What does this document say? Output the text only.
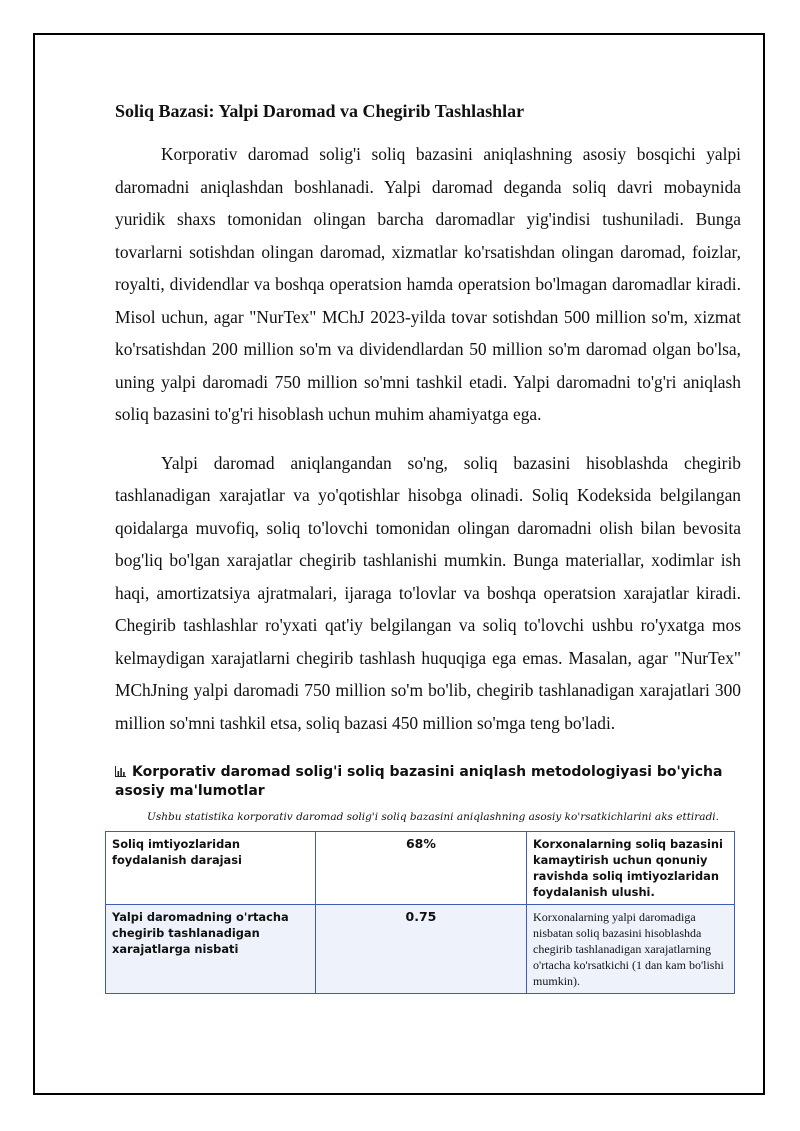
Soliq Bazasi: Yalpi Daromad va Chegirib Tashlashlar

Korporativ daromad solig'i soliq bazasini aniqlashning asosiy bosqichi yalpi daromadni aniqlashdan boshlanadi. Yalpi daromad deganda soliq davri mobaynida yuridik shaxs tomonidan olingan barcha daromadlar yig'indisi tushuniladi. Bunga tovarlarni sotishdan olingan daromad, xizmatlar ko'rsatishdan olingan daromad, foizlar, royalti, dividendlar va boshqa operatsion hamda operatsion bo'lmagan daromadlar kiradi. Misol uchun, agar "NurTex" MChJ 2023-yilda tovar sotishdan 500 million so'm, xizmat ko'rsatishdan 200 million so'm va dividendlardan 50 million so'm daromad olgan bo'lsa, uning yalpi daromadi 750 million so'mni tashkil etadi. Yalpi daromadni to'g'ri aniqlash soliq bazasini to'g'ri hisoblash uchun muhim ahamiyatga ega.

Yalpi daromad aniqlangandan so'ng, soliq bazasini hisoblashda chegirib tashlanadigan xarajatlar va yo'qotishlar hisobga olinadi. Soliq Kodeksida belgilangan qoidalarga muvofiq, soliq to'lovchi tomonidan olingan daromadni olish bilan bevosita bog'liq bo'lgan xarajatlar chegirib tashlanishi mumkin. Bunga materiallar, xodimlar ish haqi, amortizatsiya ajratmalari, ijaraga to'lovlar va boshqa operatsion xarajatlar kiradi. Chegirib tashlashlar ro'yxati qat'iy belgilangan va soliq to'lovchi ushbu ro'yxatga mos kelmaydigan xarajatlarni chegirib tashlash huquqiga ega emas. Masalan, agar "NurTex" MChJning yalpi daromadi 750 million so'm bo'lib, chegirib tashlanadigan xarajatlari 300 million so'mni tashkil etsa, soliq bazasi 450 million so'mga teng bo'ladi.

Korporativ daromad solig'i soliq bazasini aniqlash metodologiyasi bo'yicha asosiy ma'lumotlar
Ushbu statistika korporativ daromad solig'i soliq bazasini aniqlashning asosiy ko'rsatkichlarini aks ettiradi.
Soliq imtiyozlaridan foydalanish darajasi	68%	Korxonalarning soliq bazasini kamaytirish uchun qonuniy ravishda soliq imtiyozlaridan foydalanish ulushi.
Yalpi daromadning o'rtacha chegirib tashlanadigan xarajatlarga nisbati	0.75	Korxonalarning yalpi daromadiga nisbatan soliq bazasini hisoblashda chegirib tashlanadigan xarajatlarning o'rtacha ko'rsatkichi (1 dan kam bo'lishi mumkin).
